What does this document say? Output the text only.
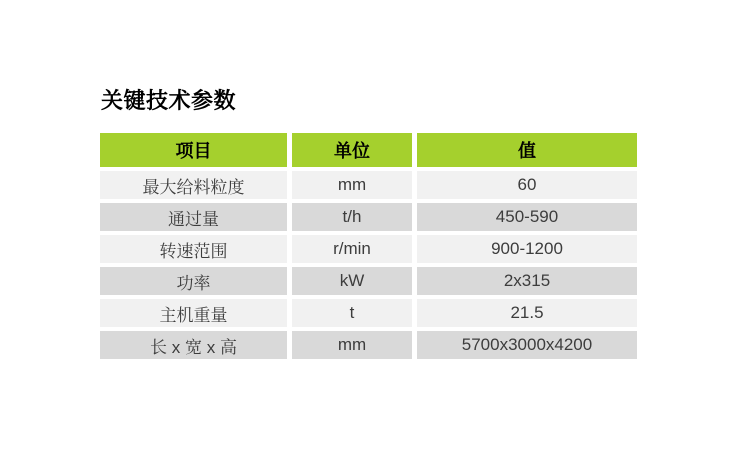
关键技术参数
项目	单位	值
最大给料粒度	mm	60
通过量	t/h	450-590
转速范围	r/min	900-1200
功率	kW	2x315
主机重量	t	21.5
长 x 宽 x 高	mm	5700x3000x4200
